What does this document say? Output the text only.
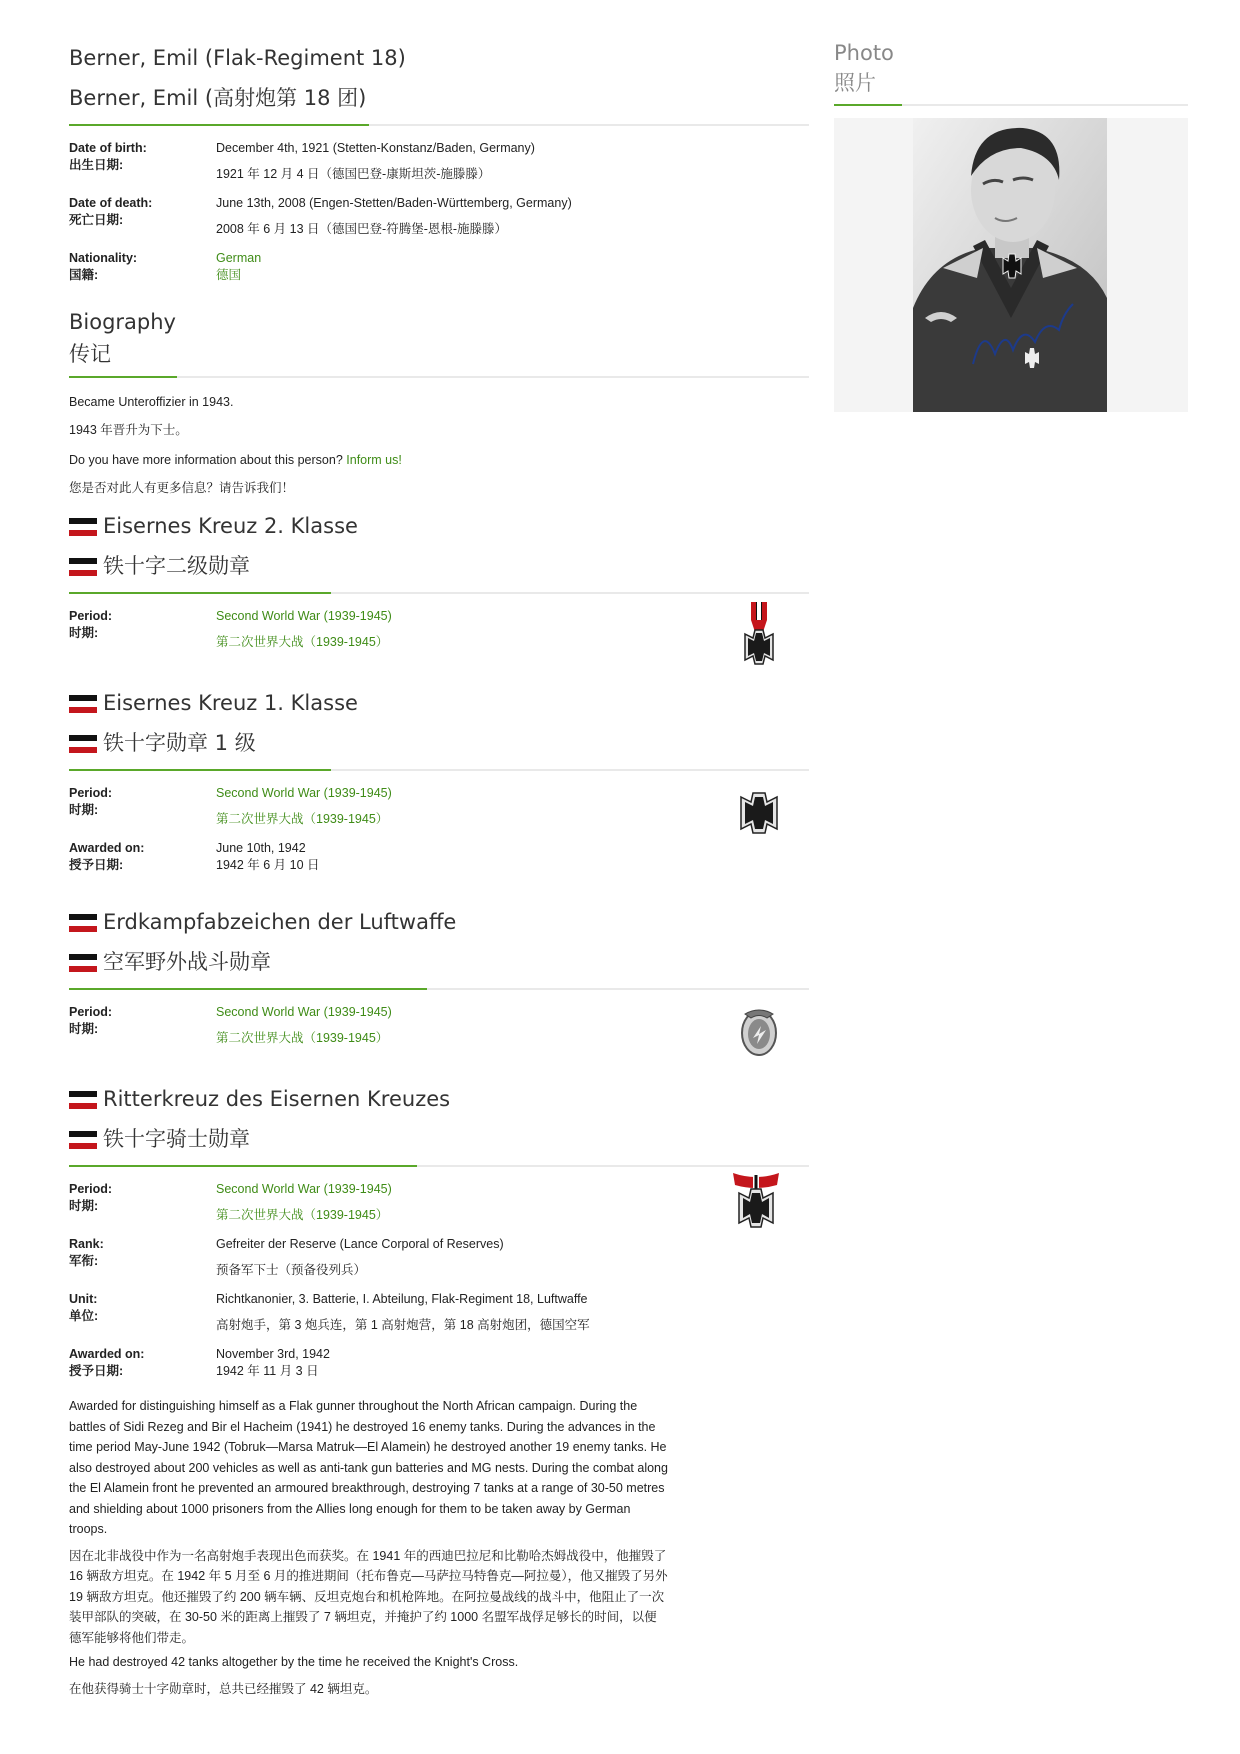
Berner, Emil (Flak-Regiment 18)
Berner, Emil (高射炮第 18 团)
Date of birth:
出生日期:
December 4th, 1921 (Stetten-Konstanz/Baden, Germany)
1921 年 12 月 4 日（德国巴登-康斯坦茨-施滕滕）
Date of death:
死亡日期:
June 13th, 2008 (Engen-Stetten/Baden-Württemberg, Germany)
2008 年 6 月 13 日（德国巴登-符腾堡-恩根-施滕滕）
Nationality:
国籍:
German
德国
Biography
传记

Became Unteroffizier in 1943.

1943 年晋升为下士。

Do you have more information about this person? Inform us!

您是否对此人有更多信息？请告诉我们！

Eisernes Kreuz 2. Klasse
铁十字二级勋章
Period:
时期:
Second World War (1939-1945)
第二次世界大战（1939-1945）
Eisernes Kreuz 1. Klasse
铁十字勋章 1 级
Period:
时期:
Second World War (1939-1945)
第二次世界大战（1939-1945）
Awarded on:
授予日期:
June 10th, 1942
1942 年 6 月 10 日
Erdkampfabzeichen der Luftwaffe
空军野外战斗勋章
Period:
时期:
Second World War (1939-1945)
第二次世界大战（1939-1945）
Ritterkreuz des Eisernen Kreuzes
铁十字骑士勋章
Period:
时期:
Second World War (1939-1945)
第二次世界大战（1939-1945）
Rank:
军衔:
Gefreiter der Reserve (Lance Corporal of Reserves)
预备军下士（预备役列兵）
Unit:
单位:
Richtkanonier, 3. Batterie, I. Abteilung, Flak-Regiment 18, Luftwaffe
高射炮手，第 3 炮兵连，第 1 高射炮营，第 18 高射炮团，德国空军
Awarded on:
授予日期:
November 3rd, 1942
1942 年 11 月 3 日

Awarded for distinguishing himself as a Flak gunner throughout the North African campaign. During the battles of Sidi Rezeg and Bir el Hacheim (1941) he destroyed 16 enemy tanks. During the advances in the time period May-June 1942 (Tobruk—Marsa Matruk—El Alamein) he destroyed another 19 enemy tanks. He also destroyed about 200 vehicles as well as anti-tank gun batteries and MG nests. During the combat along the El Alamein front he prevented an armoured breakthrough, destroying 7 tanks at a range of 30-50 metres and shielding about 1000 prisoners from the Allies long enough for them to be taken away by German troops.

因在北非战役中作为一名高射炮手表现出色而获奖。在 1941 年的西迪巴拉尼和比勒哈杰姆战役中，他摧毁了 16 辆敌方坦克。在 1942 年 5 月至 6 月的推进期间（托布鲁克—马萨拉马特鲁克—阿拉曼），他又摧毁了另外 19 辆敌方坦克。他还摧毁了约 200 辆车辆、反坦克炮台和机枪阵地。在阿拉曼战线的战斗中，他阻止了一次装甲部队的突破，在 30-50 米的距离上摧毁了 7 辆坦克，并掩护了约 1000 名盟军战俘足够长的时间，以便德军能够将他们带走。

He had destroyed 42 tanks altogether by the time he received the Knight's Cross.

在他获得骑士十字勋章时，总共已经摧毁了 42 辆坦克。

Photo
照片
